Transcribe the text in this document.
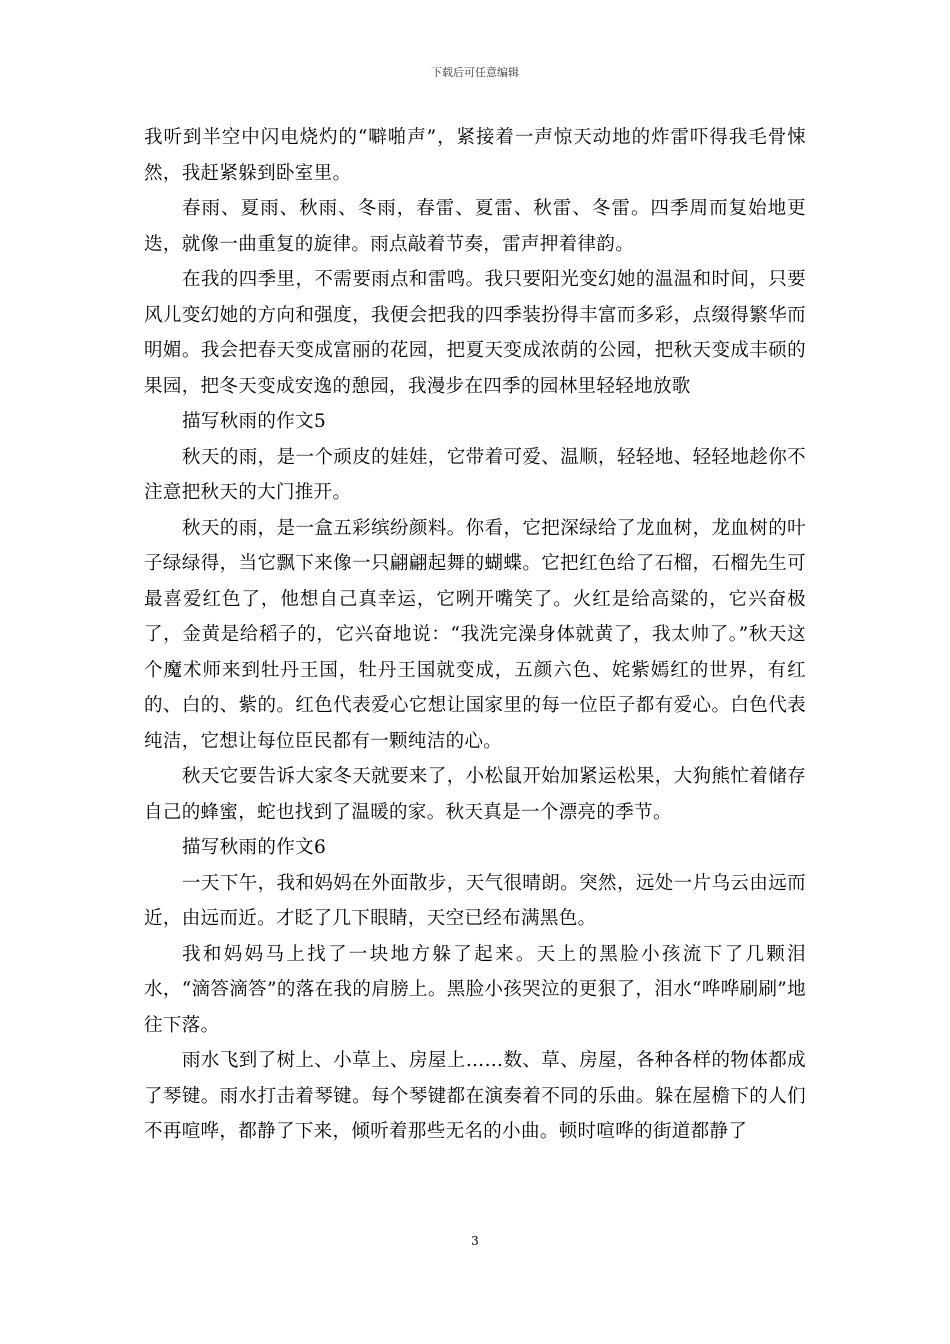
下载后可任意编辑

我听到半空中闪电烧灼的“噼啪声”，紧接着一声惊天动地的炸雷吓得我毛骨悚然，我赶紧躲到卧室里。

春雨、夏雨、秋雨、冬雨，春雷、夏雷、秋雷、冬雷。四季周而复始地更迭，就像一曲重复的旋律。雨点敲着节奏，雷声押着律韵。

在我的四季里，不需要雨点和雷鸣。我只要阳光变幻她的温温和时间，只要风儿变幻她的方向和强度，我便会把我的四季装扮得丰富而多彩，点缀得繁华而明媚。我会把春天变成富丽的花园，把夏天变成浓荫的公园，把秋天变成丰硕的果园，把冬天变成安逸的憩园，我漫步在四季的园林里轻轻地放歌

描写秋雨的作文5

秋天的雨，是一个顽皮的娃娃，它带着可爱、温顺，轻轻地、轻轻地趁你不注意把秋天的大门推开。

秋天的雨，是一盒五彩缤纷颜料。你看，它把深绿给了龙血树，龙血树的叶子绿绿得，当它飘下来像一只翩翩起舞的蝴蝶。它把红色给了石榴，石榴先生可最喜爱红色了，他想自己真幸运，它咧开嘴笑了。火红是给高粱的，它兴奋极了，金黄是给稻子的，它兴奋地说：“我洗完澡身体就黄了，我太帅了。”秋天这个魔术师来到牡丹王国，牡丹王国就变成，五颜六色、姹紫嫣红的世界，有红的、白的、紫的。红色代表爱心它想让国家里的每一位臣子都有爱心。白色代表纯洁，它想让每位臣民都有一颗纯洁的心。

秋天它要告诉大家冬天就要来了，小松鼠开始加紧运松果，大狗熊忙着储存自己的蜂蜜，蛇也找到了温暖的家。秋天真是一个漂亮的季节。

描写秋雨的作文6

一天下午，我和妈妈在外面散步，天气很晴朗。突然，远处一片乌云由远而近，由远而近。才眨了几下眼睛，天空已经布满黑色。

我和妈妈马上找了一块地方躲了起来。天上的黑脸小孩流下了几颗泪水，“滴答滴答”的落在我的肩膀上。黑脸小孩哭泣的更狠了，泪水“哗哗刷刷”地往下落。

雨水飞到了树上、小草上、房屋上……数、草、房屋，各种各样的物体都成了琴键。雨水打击着琴键。每个琴键都在演奏着不同的乐曲。躲在屋檐下的人们不再喧哗，都静了下来，倾听着那些无名的小曲。顿时喧哗的街道都静了

3
